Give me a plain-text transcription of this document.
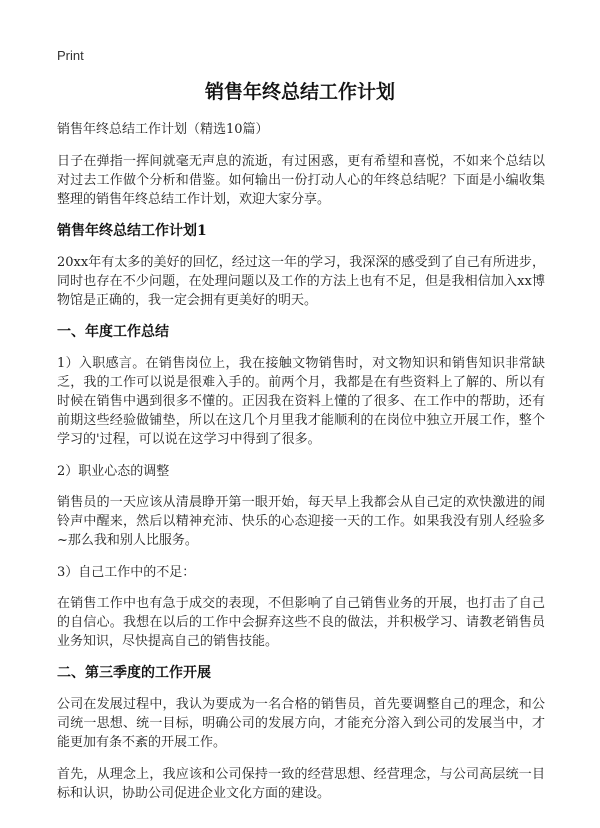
Print
销售年终总结工作计划

销售年终总结工作计划（精选10篇）

日子在弹指一挥间就毫无声息的流逝，有过困惑，更有希望和喜悦，不如来个总结以对过去工作做个分析和借鉴。如何输出一份打动人心的年终总结呢？下面是小编收集整理的销售年终总结工作计划，欢迎大家分享。

销售年终总结工作计划1

20xx年有太多的美好的回忆，经过这一年的学习，我深深的感受到了自己有所进步，同时也存在不少问题，在处理问题以及工作的方法上也有不足，但是我相信加入xx博物馆是正确的，我一定会拥有更美好的明天。

一、年度工作总结

1）入职感言。在销售岗位上，我在接触文物销售时，对文物知识和销售知识非常缺乏，我的工作可以说是很难入手的。前两个月，我都是在有些资料上了解的、所以有时候在销售中遇到很多不懂的。正因我在资料上懂的了很多、在工作中的帮助，还有前期这些经验做铺垫，所以在这几个月里我才能顺利的在岗位中独立开展工作，整个学习的'过程，可以说在这学习中得到了很多。

2）职业心态的调整

销售员的一天应该从清晨睁开第一眼开始，每天早上我都会从自己定的欢快激进的闹铃声中醒来，然后以精神充沛、快乐的心态迎接一天的工作。如果我没有别人经验多~那么我和别人比服务。

3）自己工作中的不足：

在销售工作中也有急于成交的表现，不但影响了自己销售业务的开展，也打击了自己的自信心。我想在以后的工作中会摒弃这些不良的做法，并积极学习、请教老销售员业务知识，尽快提高自己的销售技能。

二、第三季度的工作开展

公司在发展过程中，我认为要成为一名合格的销售员，首先要调整自己的理念，和公司统一思想、统一目标，明确公司的发展方向，才能充分溶入到公司的发展当中，才能更加有条不紊的开展工作。

首先，从理念上，我应该和公司保持一致的经营思想、经营理念，与公司高层统一目标和认识，协助公司促进企业文化方面的建设。
